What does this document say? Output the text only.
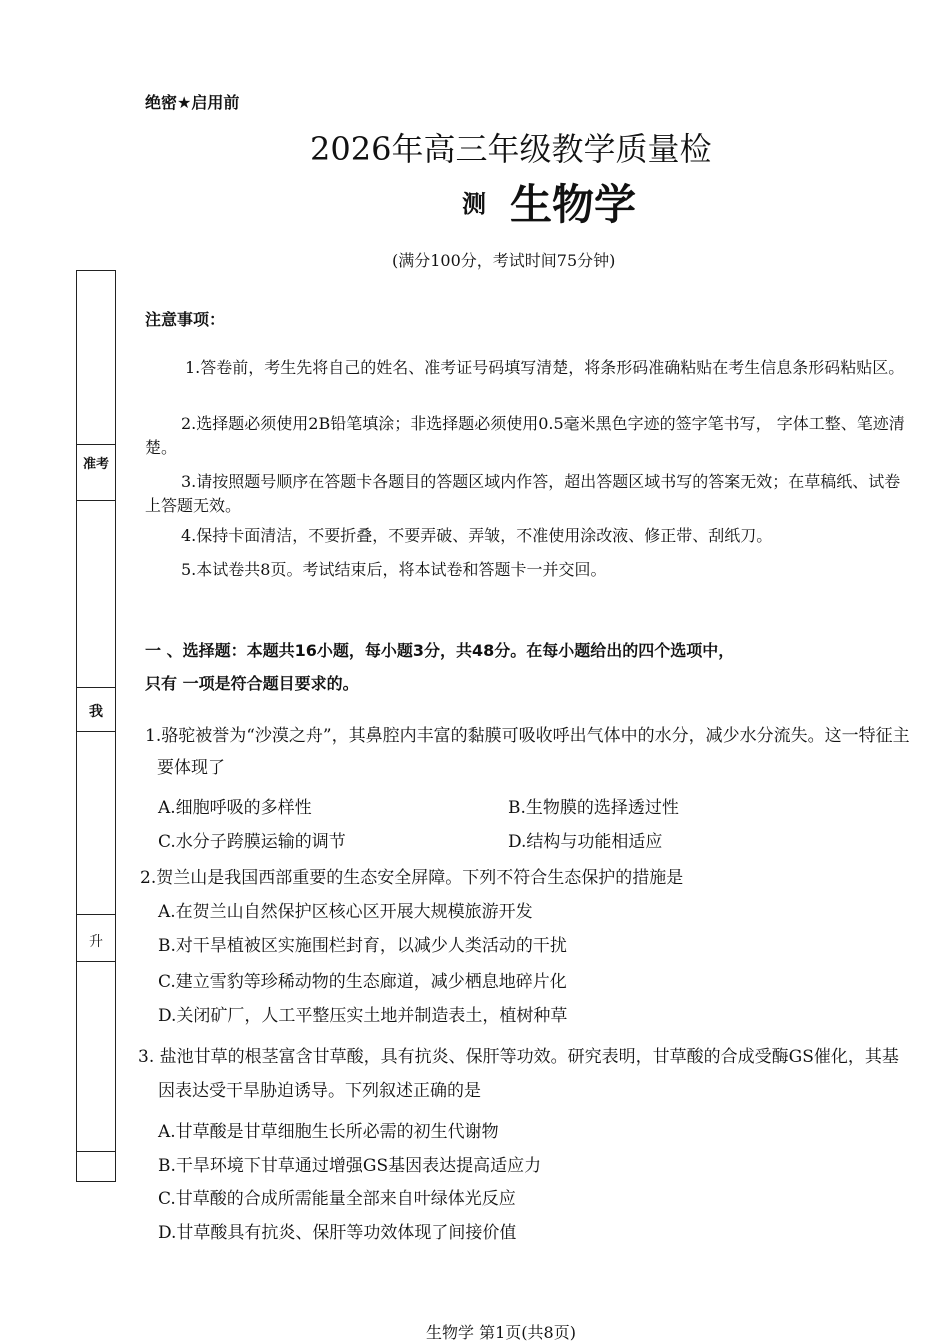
准考
我
升
绝密★启用前
2026年高三年级教学质量检
测 生物学
(满分100分，考试时间75分钟)
注意事项：
1.答卷前，考生先将自己的姓名、准考证号码填写清楚，将条形码准确粘贴在考生信息条形码粘贴区。
2.选择题必须使用2B铅笔填涂；非选择题必须使用0.5毫米黑色字迹的签字笔书写， 字体工整、笔迹清楚。
3.请按照题号顺序在答题卡各题目的答题区域内作答，超出答题区域书写的答案无效；在草稿纸、试卷上答题无效。
4.保持卡面清洁，不要折叠，不要弄破、弄皱，不准使用涂改液、修正带、刮纸刀。
5.本试卷共8页。考试结束后，将本试卷和答题卡一并交回。
一 、选择题：本题共16小题，每小题3分，共48分。在每小题给出的四个选项中，
只有 一项是符合题目要求的。
1.骆驼被誉为“沙漠之舟”，其鼻腔内丰富的黏膜可吸收呼出气体中的水分，减少水分流失。这一特征主要体现了
A.细胞呼吸的多样性	B.生物膜的选择透过性
C.水分子跨膜运输的调节	D.结构与功能相适应
2.贺兰山是我国西部重要的生态安全屏障。下列不符合生态保护的措施是
A.在贺兰山自然保护区核心区开展大规模旅游开发
B.对干旱植被区实施围栏封育，以减少人类活动的干扰
C.建立雪豹等珍稀动物的生态廊道，减少栖息地碎片化
D.关闭矿厂，人工平整压实土地并制造表土，植树种草
3. 盐池甘草的根茎富含甘草酸，具有抗炎、保肝等功效。研究表明，甘草酸的合成受酶GS催化，其基因表达受干旱胁迫诱导。下列叙述正确的是
A.甘草酸是甘草细胞生长所必需的初生代谢物
B.干旱环境下甘草通过增强GS基因表达提高适应力
C.甘草酸的合成所需能量全部来自叶绿体光反应
D.甘草酸具有抗炎、保肝等功效体现了间接价值
生物学 第1页(共8页)
